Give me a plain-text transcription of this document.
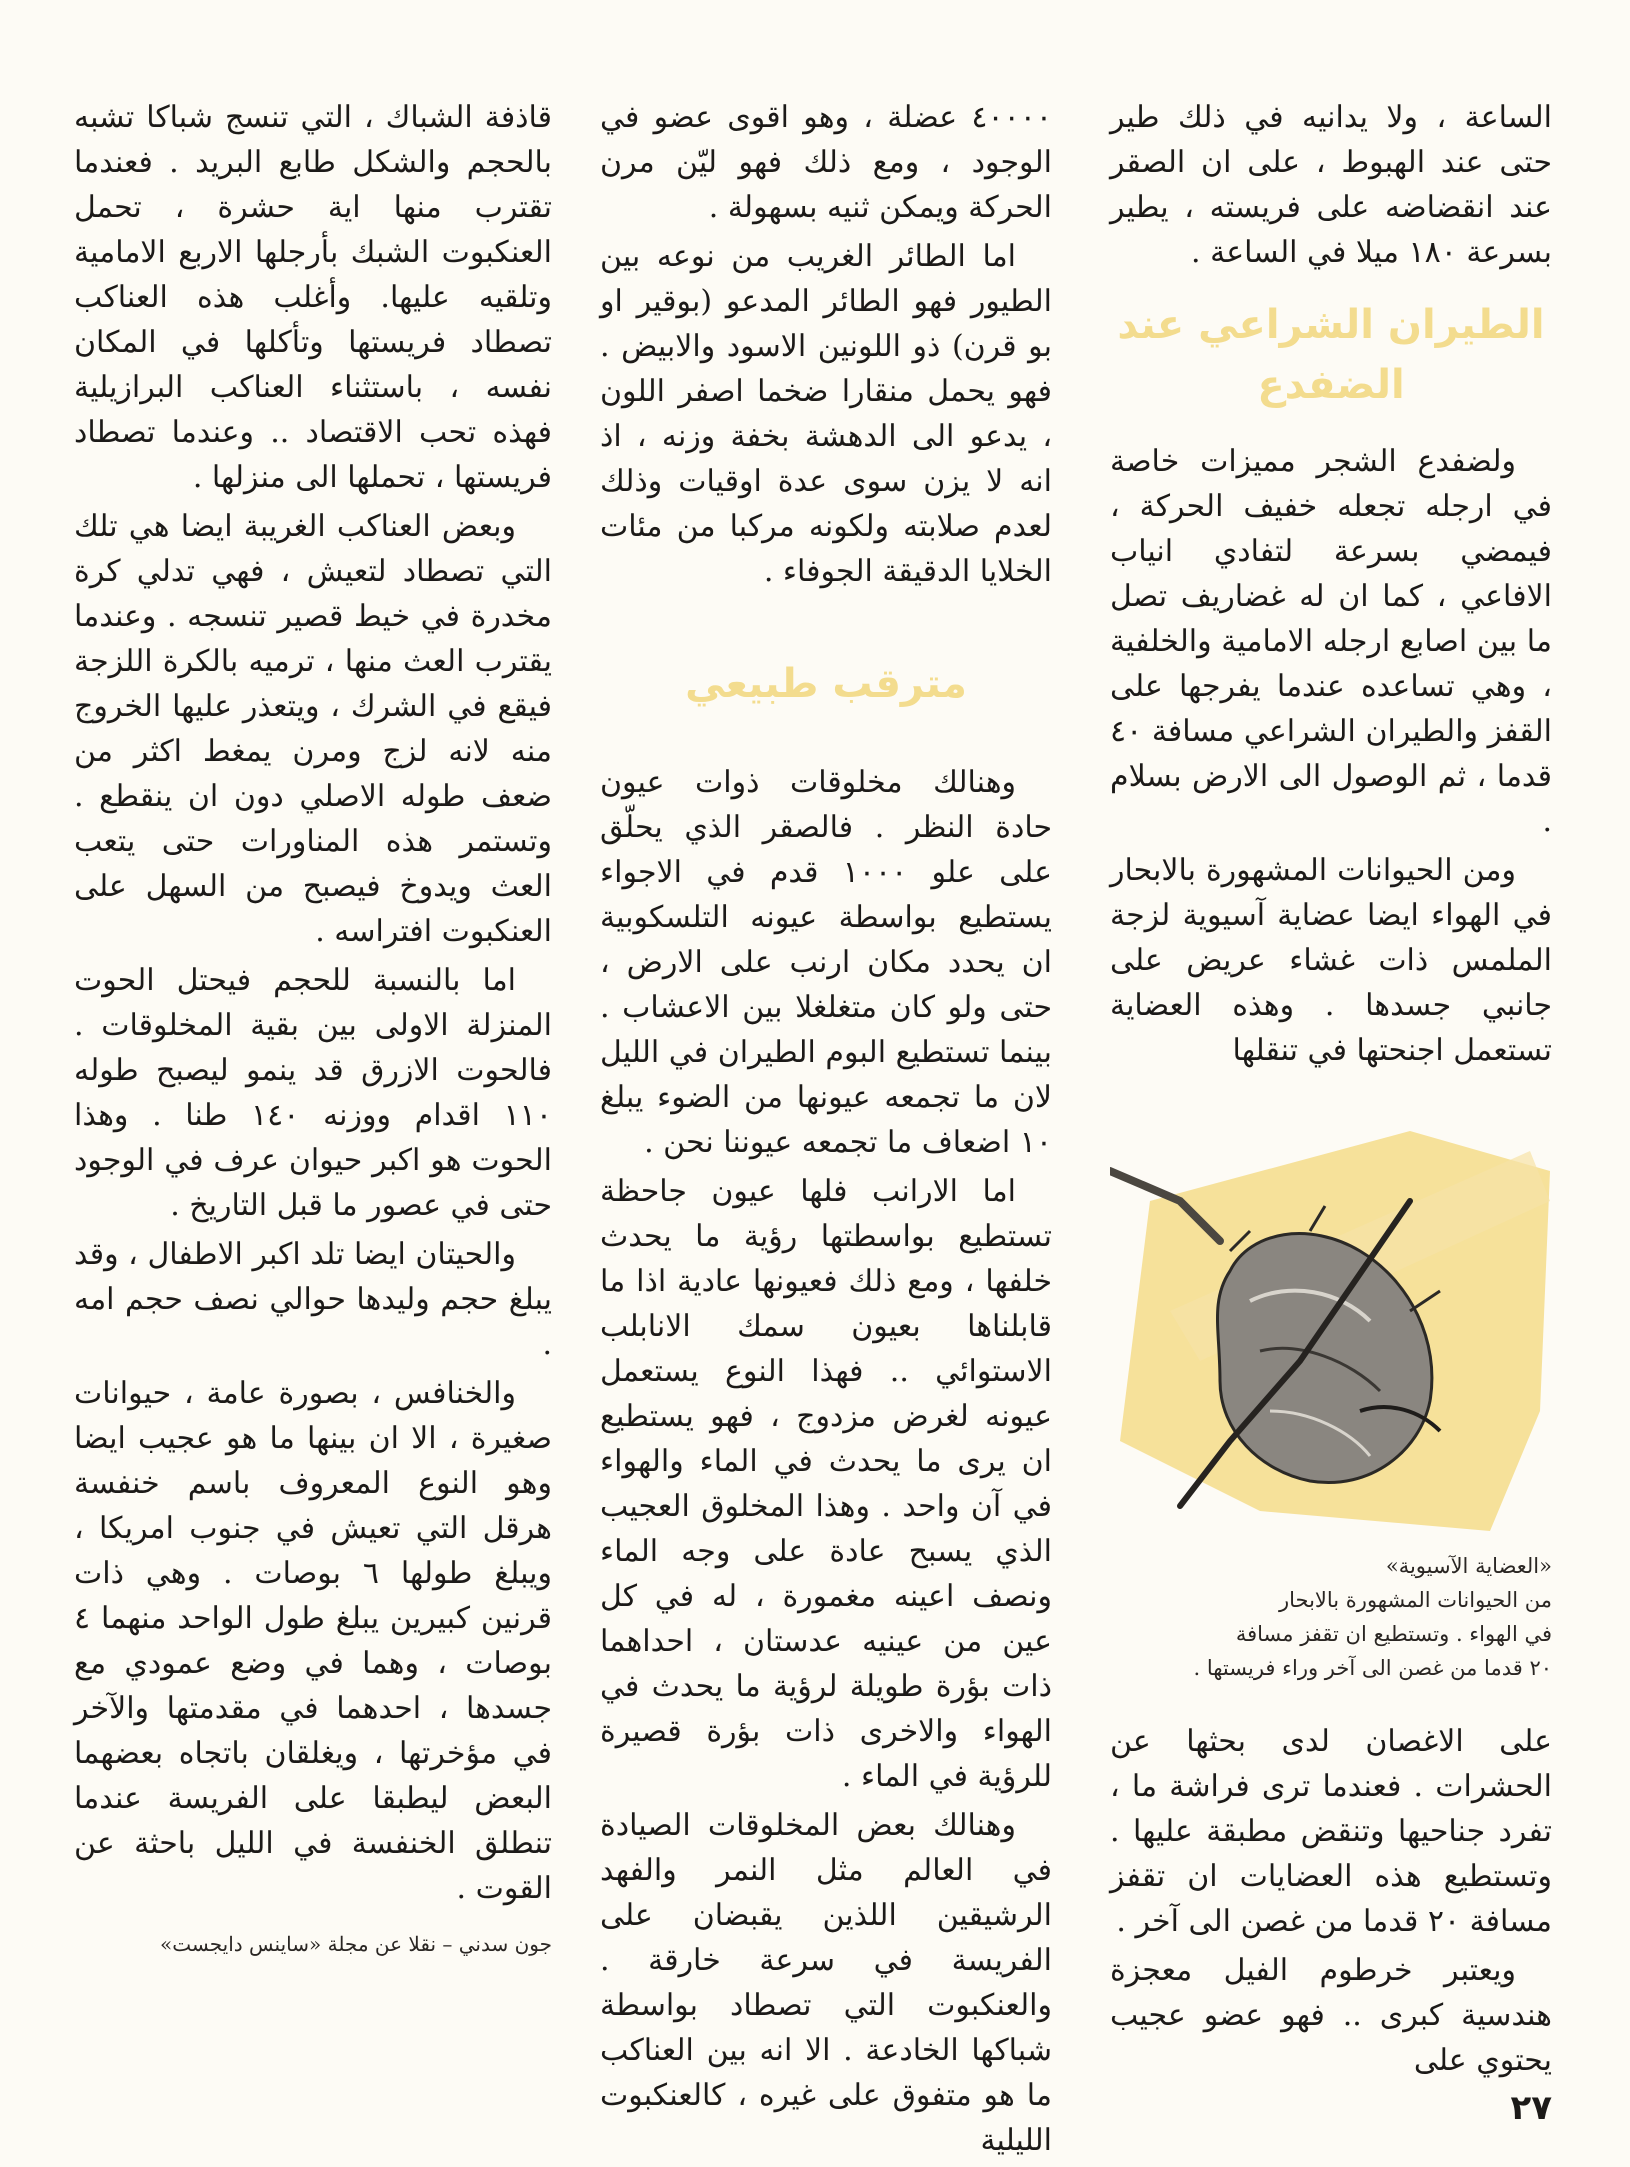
الساعة ، ولا يدانيه في ذلك طير حتى عند الهبوط ، على ان الصقر عند انقضاضه على فريسته ، يطير بسرعة ١٨٠ ميلا في الساعة .

الطيران الشراعي عند الضفدع

ولضفدع الشجر مميزات خاصة في ارجله تجعله خفيف الحركة ، فيمضي بسرعة لتفادي انياب الافاعي ، كما ان له غضاريف تصل ما بين اصابع ارجله الامامية والخلفية ، وهي تساعده عندما يفرجها على القفز والطيران الشراعي مسافة ٤٠ قدما ، ثم الوصول الى الارض بسلام .

ومن الحيوانات المشهورة بالابحار في الهواء ايضا عضاية آسيوية لزجة الملمس ذات غشاء عريض على جانبي جسدها . وهذه العضاية تستعمل اجنحتها في تنقلها

«العضاية الآسيوية»
من الحيوانات المشهورة بالابحار
في الهواء . وتستطيع ان تقفز مسافة
٢٠ قدما من غصن الى آخر وراء فريستها .

على الاغصان لدى بحثها عن الحشرات . فعندما ترى فراشة ما ، تفرد جناحيها وتنقض مطبقة عليها . وتستطيع هذه العضايات ان تقفز مسافة ٢٠ قدما من غصن الى آخر .

ويعتبر خرطوم الفيل معجزة هندسية كبرى .. فهو عضو عجيب يحتوي على

٤٠٠٠٠ عضلة ، وهو اقوى عضو في الوجود ، ومع ذلك فهو ليّن مرن الحركة ويمكن ثنيه بسهولة .

اما الطائر الغريب من نوعه بين الطيور فهو الطائر المدعو (بوقير او بو قرن) ذو اللونين الاسود والابيض . فهو يحمل منقارا ضخما اصفر اللون ، يدعو الى الدهشة بخفة وزنه ، اذ انه لا يزن سوى عدة اوقيات وذلك لعدم صلابته ولكونه مركبا من مئات الخلايا الدقيقة الجوفاء .

مترقب طبيعي

وهنالك مخلوقات ذوات عيون حادة النظر . فالصقر الذي يحلّق على علو ١٠٠٠ قدم في الاجواء يستطيع بواسطة عيونه التلسكوبية ان يحدد مكان ارنب على الارض ، حتى ولو كان متغلغلا بين الاعشاب . بينما تستطيع البوم الطيران في الليل لان ما تجمعه عيونها من الضوء يبلغ ١٠ اضعاف ما تجمعه عيوننا نحن .

اما الارانب فلها عيون جاحظة تستطيع بواسطتها رؤية ما يحدث خلفها ، ومع ذلك فعيونها عادية اذا ما قابلناها بعيون سمك الانابلب الاستوائي .. فهذا النوع يستعمل عيونه لغرض مزدوج ، فهو يستطيع ان يرى ما يحدث في الماء والهواء في آن واحد . وهذا المخلوق العجيب الذي يسبح عادة على وجه الماء ونصف اعينه مغمورة ، له في كل عين من عينيه عدستان ، احداهما ذات بؤرة طويلة لرؤية ما يحدث في الهواء والاخرى ذات بؤرة قصيرة للرؤية في الماء .

وهنالك بعض المخلوقات الصيادة في العالم مثل النمر والفهد الرشيقين اللذين يقبضان على الفريسة في سرعة خارقة . والعنكبوت التي تصطاد بواسطة شباكها الخادعة . الا انه بين العناكب ما هو متفوق على غيره ، كالعنكبوت الليلية

قاذفة الشباك ، التي تنسج شباكا تشبه بالحجم والشكل طابع البريد . فعندما تقترب منها اية حشرة ، تحمل العنكبوت الشبك بأرجلها الاربع الامامية وتلقيه عليها. وأغلب هذه العناكب تصطاد فريستها وتأكلها في المكان نفسه ، باستثناء العناكب البرازيلية فهذه تحب الاقتصاد .. وعندما تصطاد فريستها ، تحملها الى منزلها .

وبعض العناكب الغريبة ايضا هي تلك التي تصطاد لتعيش ، فهي تدلي كرة مخدرة في خيط قصير تنسجه . وعندما يقترب العث منها ، ترميه بالكرة اللزجة فيقع في الشرك ، ويتعذر عليها الخروج منه لانه لزج ومرن يمغط اكثر من ضعف طوله الاصلي دون ان ينقطع . وتستمر هذه المناورات حتى يتعب العث ويدوخ فيصبح من السهل على العنكبوت افتراسه .

اما بالنسبة للحجم فيحتل الحوت المنزلة الاولى بين بقية المخلوقات . فالحوت الازرق قد ينمو ليصبح طوله ١١٠ اقدام ووزنه ١٤٠ طنا . وهذا الحوت هو اكبر حيوان عرف في الوجود حتى في عصور ما قبل التاريخ .

والحيتان ايضا تلد اكبر الاطفال ، وقد يبلغ حجم وليدها حوالي نصف حجم امه .

والخنافس ، بصورة عامة ، حيوانات صغيرة ، الا ان بينها ما هو عجيب ايضا وهو النوع المعروف باسم خنفسة هرقل التي تعيش في جنوب امريكا ، ويبلغ طولها ٦ بوصات . وهي ذات قرنين كبيرين يبلغ طول الواحد منهما ٤ بوصات ، وهما في وضع عمودي مع جسدها ، احدهما في مقدمتها والآخر في مؤخرتها ، ويغلقان باتجاه بعضهما البعض ليطبقا على الفريسة عندما تنطلق الخنفسة في الليل باحثة عن القوت .

جون سدني – نقلا عن مجلة «ساينس دايجست»
٢٧
